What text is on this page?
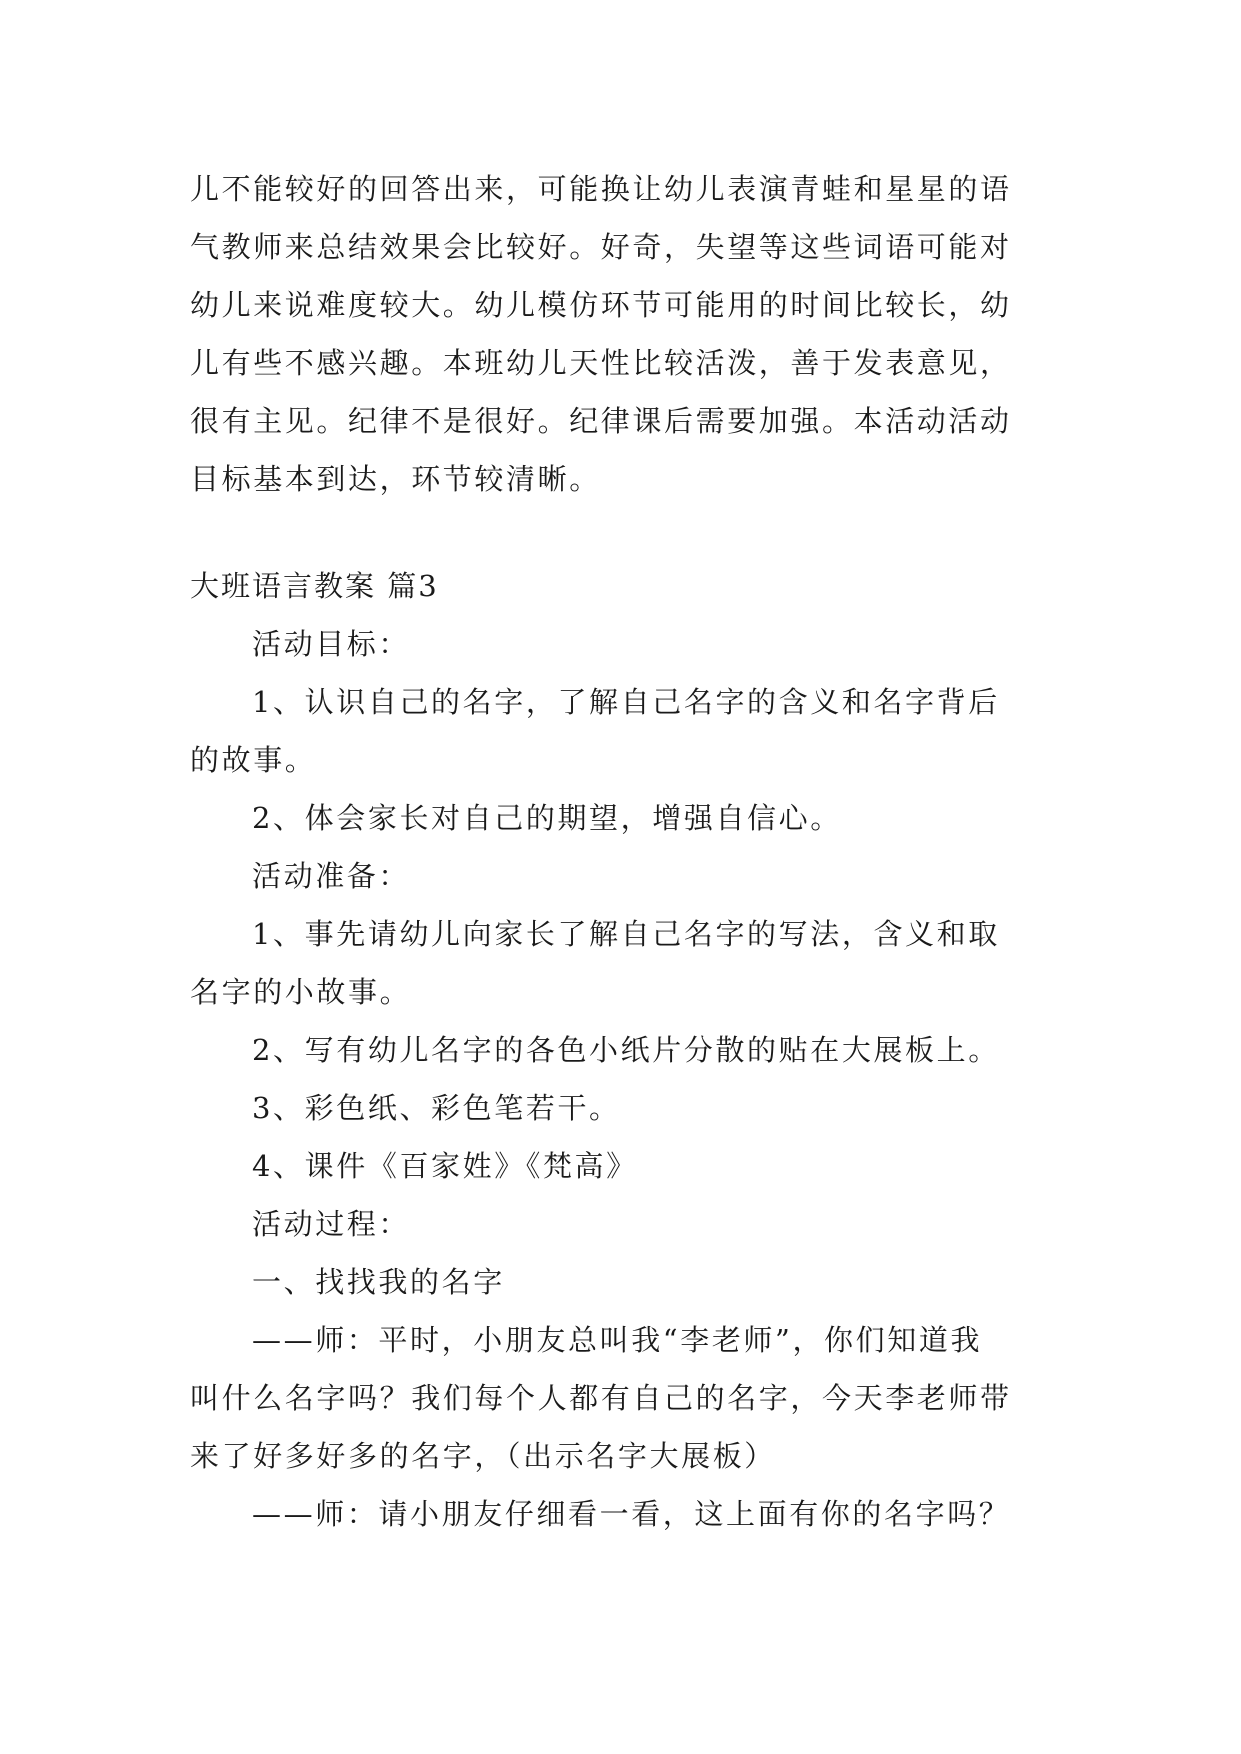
儿不能较好的回答出来，可能换让幼儿表演青蛙和星星的语

气教师来总结效果会比较好。好奇，失望等这些词语可能对

幼儿来说难度较大。幼儿模仿环节可能用的时间比较长，幼

儿有些不感兴趣。本班幼儿天性比较活泼，善于发表意见，

很有主见。纪律不是很好。纪律课后需要加强。本活动活动

目标基本到达，环节较清晰。

大班语言教案 篇3

活动目标：

1、认识自己的名字，了解自己名字的含义和名字背后

的故事。

2、体会家长对自己的期望，增强自信心。

活动准备：

1、事先请幼儿向家长了解自己名字的写法，含义和取

名字的小故事。

2、写有幼儿名字的各色小纸片分散的贴在大展板上。

3、彩色纸、彩色笔若干。

4、课件《百家姓》《梵高》

活动过程：

一、找找我的名字

——师：平时，小朋友总叫我“李老师”，你们知道我

叫什么名字吗？我们每个人都有自己的名字，今天李老师带

来了好多好多的名字，（出示名字大展板）

——师：请小朋友仔细看一看，这上面有你的名字吗？
